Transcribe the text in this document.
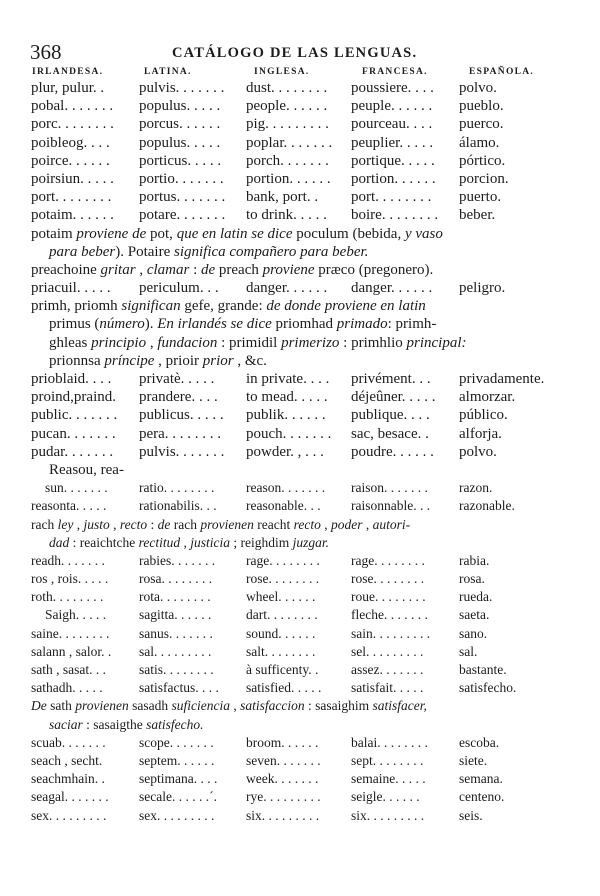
368	CATÁLOGO DE LAS LENGUAS.
IRLANDESA.	LATINA.	INGLESA.	FRANCESA.	ESPAÑOLA.
plur, pulur. . pulvis. . . . . . . dust. . . . . . . . poussiere. . . . polvo.
pobal. . . . . . . populus. . . . . people. . . . . . peuple. . . . . . pueblo.
porc. . . . . . . . porcus. . . . . . pig. . . . . . . . . pourceau. . . . puerco.
poibleog. . . . populus. . . . . poplar. . . . . . . peuplier. . . . . álamo.
poirce. . . . . . porticus. . . . . porch. . . . . . . portique. . . . . pórtico.
poirsiun. . . . . portio. . . . . . . portion. . . . . . portion. . . . . . porcion.
port. . . . . . . . portus. . . . . . . bank, port. . port. . . . . . . . puerto.
potaim. . . . . . potare. . . . . . . to drink. . . . . boire. . . . . . . . beber.
potaim proviene de pot, que en latin se dice poculum (bebida, y vaso
para beber). Potaire significa compañero para beber.
preachoine gritar , clamar : de preach proviene præco (pregonero).
priacuil. . . . . periculum. . . danger. . . . . . danger. . . . . . peligro.
primh, priomh significan gefe, grande: de donde proviene en latin
primus (número). En irlandés se dice priomhad primado: primh-
ghleas principio , fundacion : primidil primerizo : primhlio principal:
prionnsa príncipe , prioir prior , &c.
prioblaid. . . . privatè. . . . . in private. . . . privément. . . privadamente.
proind,praind. prandere. . . . to mead. . . . . déjeûner. . . . . almorzar.
public. . . . . . . publicus. . . . . publik. . . . . . publique. . . . público.
pucan. . . . . . . pera. . . . . . . . pouch. . . . . . . sac, besace. . alforja.
pudar. . . . . . . pulvis. . . . . . . powder. , . . . poudre. . . . . . polvo.
Reasou, rea-
sun. . . . . . . ratio. . . . . . . . reason. . . . . . . raison. . . . . . . razon.
reasonta. . . . . rationabilis. . . reasonable. . . raisonnable. . . razonable.
rach ley , justo , recto : de rach provienen reacht recto , poder , autori-
dad : reaichtche rectitud , justicia ; reighdim juzgar.
readh. . . . . . .	rabies. . . . . . . rage. . . . . . . . rage. . . . . . . .	rabia.
ros , rois. . . . . rosa. . . . . . . .	rose. . . . . . . . rose. . . . . . . .	rosa.
roth. . . . . . . .	rota. . . . . . . .	wheel. . . . . .	roue. . . . . . . . rueda.
Saigh. . . . . sagitta. . . . . .	dart. . . . . . . . fleche. . . . . . . saeta.
saine. . . . . . . . sanus. . . . . . . sound. . . . . .	sain. . . . . . . . . sano.
salann , salor. . sal. . . . . . . . .	salt. . . . . . . .	sel. . . . . . . . .	sal.
sath , sasat. . . satis. . . . . . . . à sufficenty. . assez. . . . . . .	bastante.
sathadh. . . . .	satisfactus. . . . satisfied. . . . . satisfait. . . . .	satisfecho.
De sath provienen sasadh suficiencia , satisfaccion : sasaighim satisfacer,
saciar : sasaigthe satisfecho.
scuab. . . . . . . scope. . . . . . . broom. . . . . . balai. . . . . . . . escoba.
seach , secht.	septem. . . . . . seven. . . . . . . sept. . . . . . . .	siete.
seachmhain. .	septimana. . . . week. . . . . . . semaine. . . . . semana.
seagal. . . . . . . secale. . . . . .´. rye. . . . . . . . . seigle. . . . . .	centeno.
sex. . . . . . . . . sex. . . . . . . . . six. . . . . . . . . six. . . . . . . . .	seis.
